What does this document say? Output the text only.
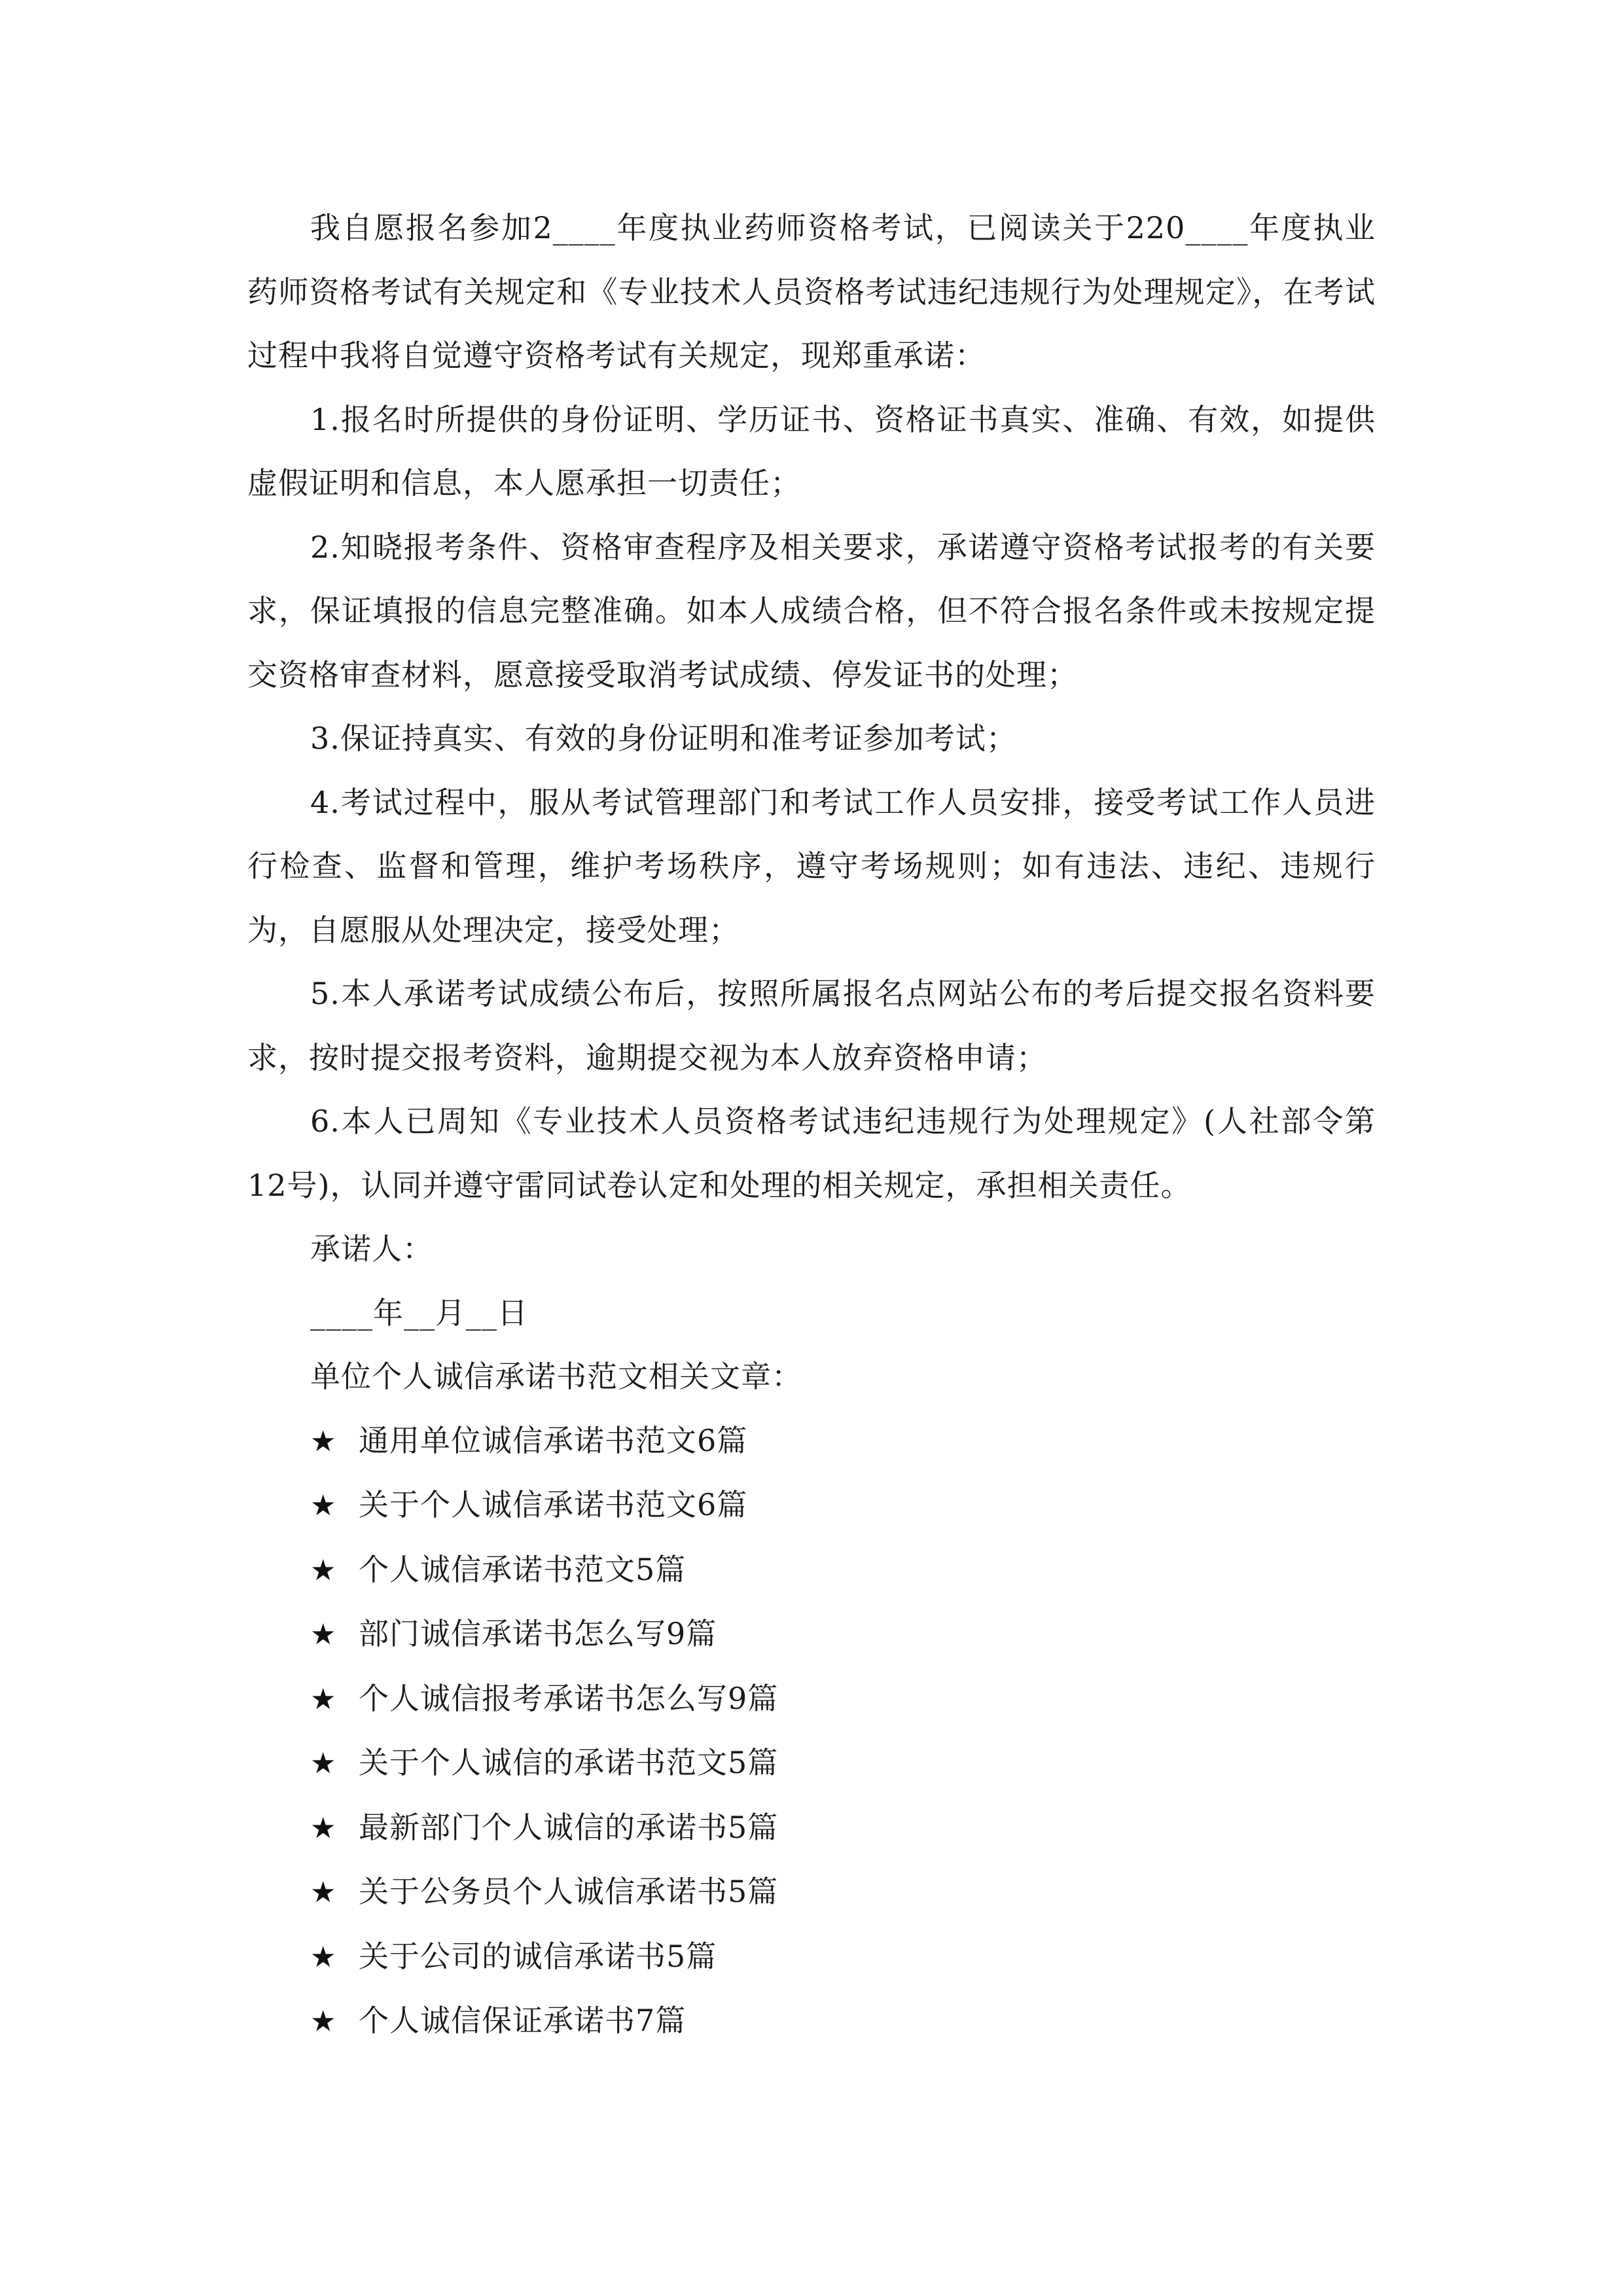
我自愿报名参加2____年度执业药师资格考试，已阅读关于220____年度执业药师资格考试有关规定和《专业技术人员资格考试违纪违规行为处理规定》，在考试过程中我将自觉遵守资格考试有关规定，现郑重承诺：

1.报名时所提供的身份证明、学历证书、资格证书真实、准确、有效，如提供虚假证明和信息，本人愿承担一切责任；

2.知晓报考条件、资格审查程序及相关要求，承诺遵守资格考试报考的有关要求，保证填报的信息完整准确。如本人成绩合格，但不符合报名条件或未按规定提交资格审查材料，愿意接受取消考试成绩、停发证书的处理；

3.保证持真实、有效的身份证明和准考证参加考试；

4.考试过程中，服从考试管理部门和考试工作人员安排，接受考试工作人员进行检查、监督和管理，维护考场秩序，遵守考场规则；如有违法、违纪、违规行为，自愿服从处理决定，接受处理；

5.本人承诺考试成绩公布后，按照所属报名点网站公布的考后提交报名资料要求，按时提交报考资料，逾期提交视为本人放弃资格申请；

6.本人已周知《专业技术人员资格考试违纪违规行为处理规定》(人社部令第12号)，认同并遵守雷同试卷认定和处理的相关规定，承担相关责任。

承诺人：

____年__月__日

单位个人诚信承诺书范文相关文章：

★ 通用单位诚信承诺书范文6篇

★ 关于个人诚信承诺书范文6篇

★ 个人诚信承诺书范文5篇

★ 部门诚信承诺书怎么写9篇

★ 个人诚信报考承诺书怎么写9篇

★ 关于个人诚信的承诺书范文5篇

★ 最新部门个人诚信的承诺书5篇

★ 关于公务员个人诚信承诺书5篇

★ 关于公司的诚信承诺书5篇

★ 个人诚信保证承诺书7篇
